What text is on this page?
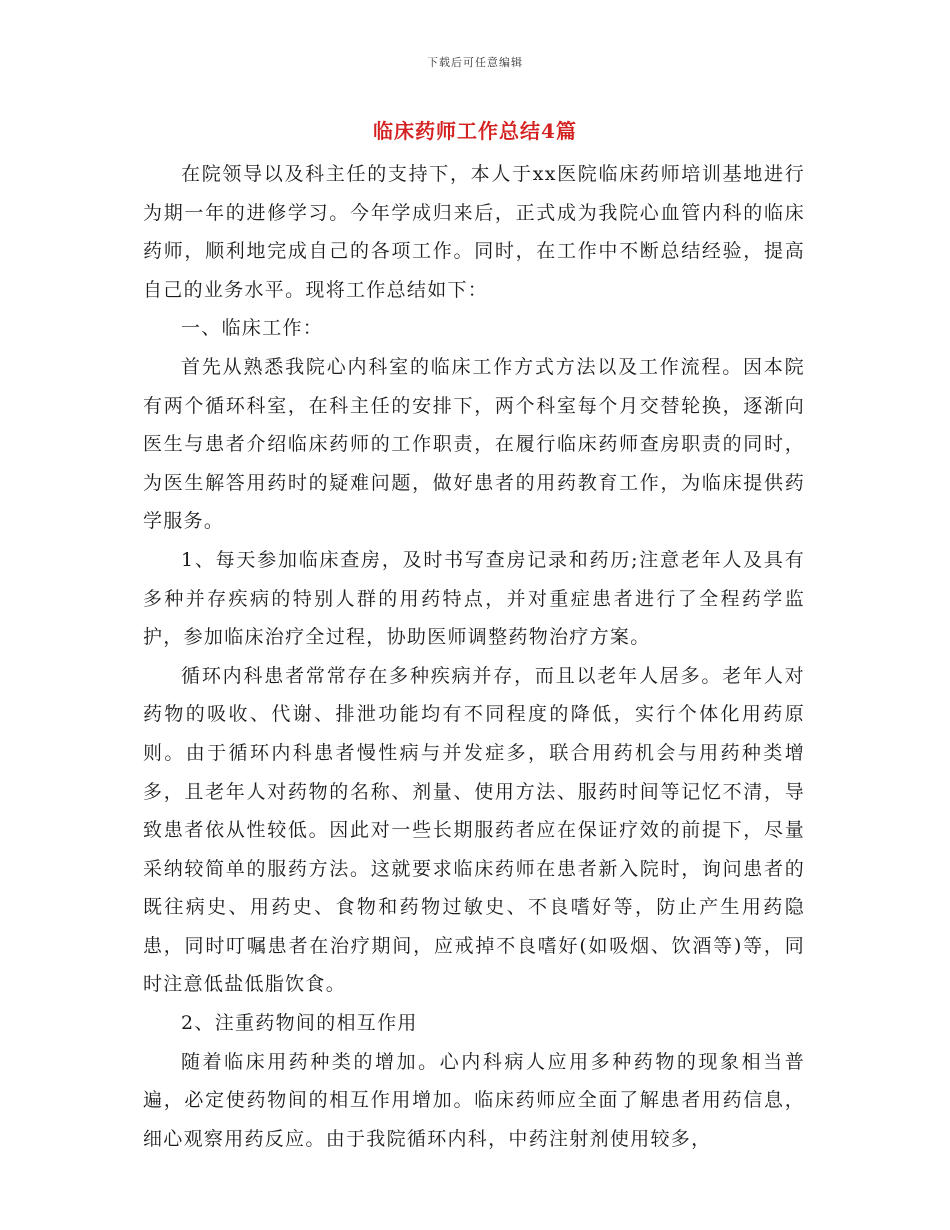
下载后可任意编辑
临床药师工作总结4篇

在院领导以及科主任的支持下，本人于xx医院临床药师培训基地进行为期一年的进修学习。今年学成归来后，正式成为我院心血管内科的临床药师，顺利地完成自己的各项工作。同时，在工作中不断总结经验，提高自己的业务水平。现将工作总结如下：

一、临床工作：

首先从熟悉我院心内科室的临床工作方式方法以及工作流程。因本院有两个循环科室，在科主任的安排下，两个科室每个月交替轮换，逐渐向医生与患者介绍临床药师的工作职责，在履行临床药师查房职责的同时，为医生解答用药时的疑难问题，做好患者的用药教育工作，为临床提供药学服务。

1、每天参加临床查房，及时书写查房记录和药历;注意老年人及具有多种并存疾病的特别人群的用药特点，并对重症患者进行了全程药学监护，参加临床治疗全过程，协助医师调整药物治疗方案。

循环内科患者常常存在多种疾病并存，而且以老年人居多。老年人对药物的吸收、代谢、排泄功能均有不同程度的降低，实行个体化用药原则。由于循环内科患者慢性病与并发症多，联合用药机会与用药种类增多，且老年人对药物的名称、剂量、使用方法、服药时间等记忆不清，导致患者依从性较低。因此对一些长期服药者应在保证疗效的前提下，尽量采纳较简单的服药方法。这就要求临床药师在患者新入院时，询问患者的既往病史、用药史、食物和药物过敏史、不良嗜好等，防止产生用药隐患，同时叮嘱患者在治疗期间，应戒掉不良嗜好(如吸烟、饮酒等)等，同时注意低盐低脂饮食。

2、注重药物间的相互作用

随着临床用药种类的增加。心内科病人应用多种药物的现象相当普遍，必定使药物间的相互作用增加。临床药师应全面了解患者用药信息，细心观察用药反应。由于我院循环内科，中药注射剂使用较多，
